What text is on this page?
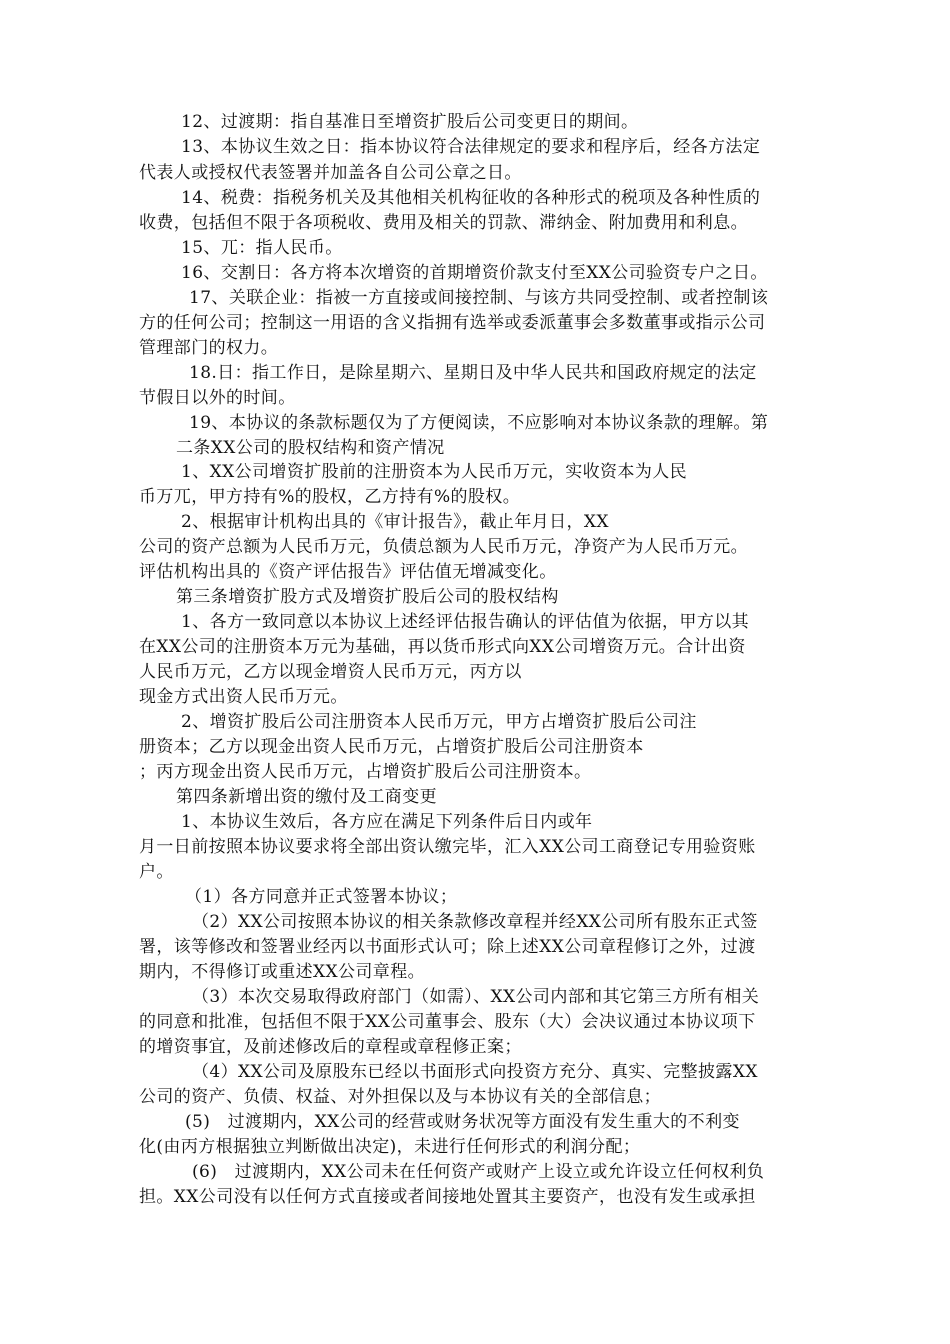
12、过渡期：指自基准日至增资扩股后公司变更日的期间。
13、本协议生效之日：指本协议符合法律规定的要求和程序后，经各方法定
代表人或授权代表签署并加盖各自公司公章之日。
14、税费：指税务机关及其他相关机构征收的各种形式的税项及各种性质的
收费，包括但不限于各项税收、费用及相关的罚款、滞纳金、附加费用和利息。
15、兀：指人民币。
16、交割日：各方将本次增资的首期增资价款支付至XX公司验资专户之日。
17、关联企业：指被一方直接或间接控制、与该方共同受控制、或者控制该
方的任何公司；控制这一用语的含义指拥有选举或委派董事会多数董事或指示公司
管理部门的权力。
18.日：指工作日，是除星期六、星期日及中华人民共和国政府规定的法定
节假日以外的时间。
19、本协议的条款标题仅为了方便阅读，不应影响对本协议条款的理解。第
二条XX公司的股权结构和资产情况
1、XX公司增资扩股前的注册资本为人民币万元，实收资本为人民
币万兀，甲方持有%的股权，乙方持有%的股权。
2、根据审计机构出具的《审计报告》，截止年月日，XX
公司的资产总额为人民币万元，负债总额为人民币万元，净资产为人民币万元。
评估机构出具的《资产评估报告》评估值无增减变化。
第三条增资扩股方式及增资扩股后公司的股权结构
1、各方一致同意以本协议上述经评估报告确认的评估值为依据，甲方以其
在XX公司的注册资本万元为基础，再以货币形式向XX公司增资万元。合计出资
人民币万元，乙方以现金增资人民币万元，丙方以
现金方式出资人民币万元。
2、增资扩股后公司注册资本人民币万元，甲方占增资扩股后公司注
册资本；乙方以现金出资人民币万元，占增资扩股后公司注册资本
；丙方现金出资人民币万元，占增资扩股后公司注册资本。
第四条新增出资的缴付及工商变更
1、本协议生效后，各方应在满足下列条件后日内或年
月一日前按照本协议要求将全部出资认缴完毕，汇入XX公司工商登记专用验资账
户。
（1）各方同意并正式签署本协议；
（2）XX公司按照本协议的相关条款修改章程并经XX公司所有股东正式签
署，该等修改和签署业经丙以书面形式认可；除上述XX公司章程修订之外，过渡
期内，不得修订或重述XX公司章程。
（3）本次交易取得政府部门（如需）、XX公司内部和其它第三方所有相关
的同意和批准，包括但不限于XX公司董事会、股东（大）会决议通过本协议项下
的增资事宜，及前述修改后的章程或章程修正案；
（4）XX公司及原股东已经以书面形式向投资方充分、真实、完整披露XX
公司的资产、负债、权益、对外担保以及与本协议有关的全部信息；
(5)　过渡期内，XX公司的经营或财务状况等方面没有发生重大的不利变
化(由丙方根据独立判断做出决定)，未进行任何形式的利润分配；
(6)　过渡期内，XX公司未在任何资产或财产上设立或允许设立任何权利负
担。XX公司没有以任何方式直接或者间接地处置其主要资产，也没有发生或承担
